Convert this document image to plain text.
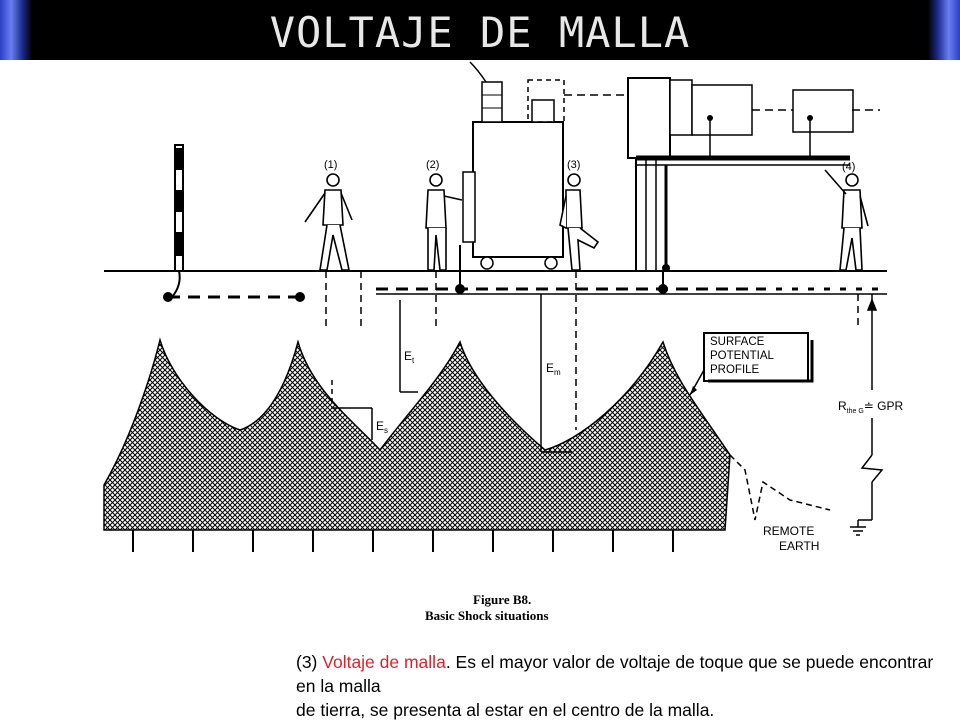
VOLTAJE DE MALLA
(1)	(2)	(3)	(4)
$E_t$
$E_s$
$E_m$
SURFACE
POTENTIAL
PROFILE
$R_{the G}≐$ GPR
REMOTE
EARTH
Figure B8.
Basic Shock situations
(3) Voltaje de malla. Es el mayor valor de voltaje de toque que se puede encontrar en la malla
de tierra, se presenta al estar en el centro de la malla.
ING. ALVARO TABOADA
